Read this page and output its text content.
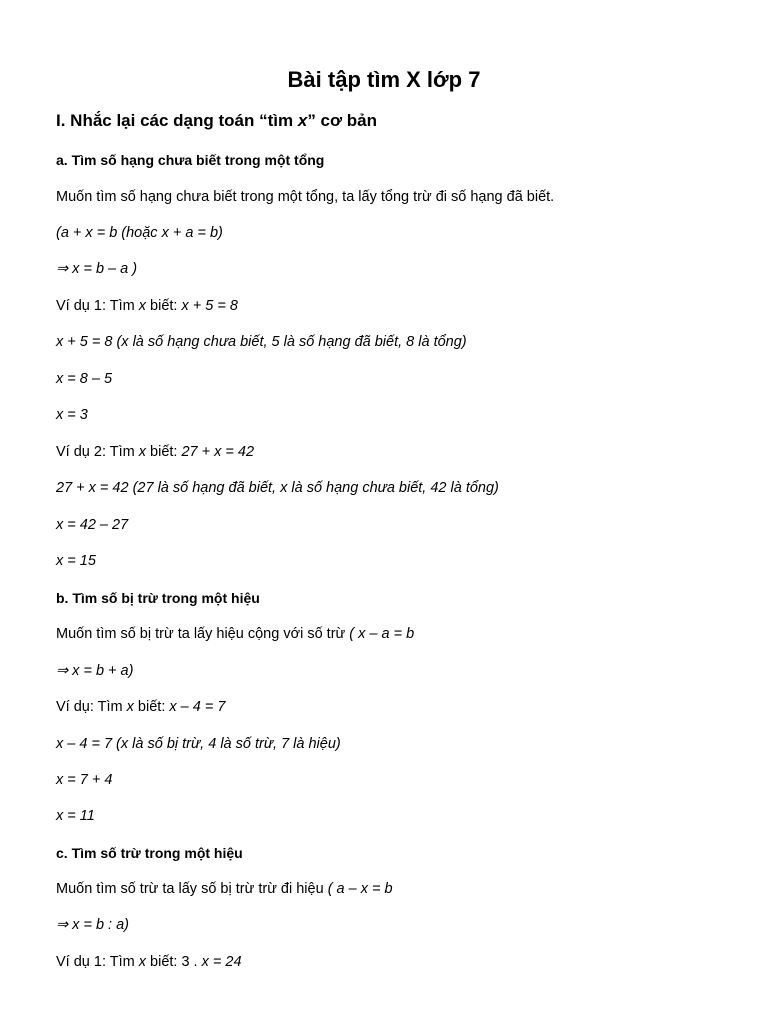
Bài tập tìm X lớp 7
I. Nhắc lại các dạng toán “tìm x” cơ bản
a. Tìm số hạng chưa biết trong một tổng
Muốn tìm số hạng chưa biết trong một tổng, ta lấy tổng trừ đi số hạng đã biết.
(a + x = b (hoặc x + a = b)
⇒ x = b – a )
Ví dụ 1: Tìm x biết: x + 5 = 8
x + 5 = 8 (x là số hạng chưa biết, 5 là số hạng đã biết, 8 là tổng)
x = 8 – 5
x = 3
Ví dụ 2: Tìm x biết: 27 + x = 42
27 + x = 42 (27 là số hạng đã biết, x là số hạng chưa biết, 42 là tổng)
x = 42 – 27
x = 15
b. Tìm số bị trừ trong một hiệu
Muốn tìm số bị trừ ta lấy hiệu cộng với số trừ ( x – a = b
⇒ x = b + a)
Ví dụ: Tìm x biết: x – 4 = 7
x – 4 = 7 (x là số bị trừ, 4 là số trừ, 7 là hiệu)
x = 7 + 4
x = 11
c. Tìm số trừ trong một hiệu
Muốn tìm số trừ ta lấy số bị trừ trừ đi hiệu ( a – x = b
⇒ x = b : a)
Ví dụ 1: Tìm x biết: 3 . x = 24
